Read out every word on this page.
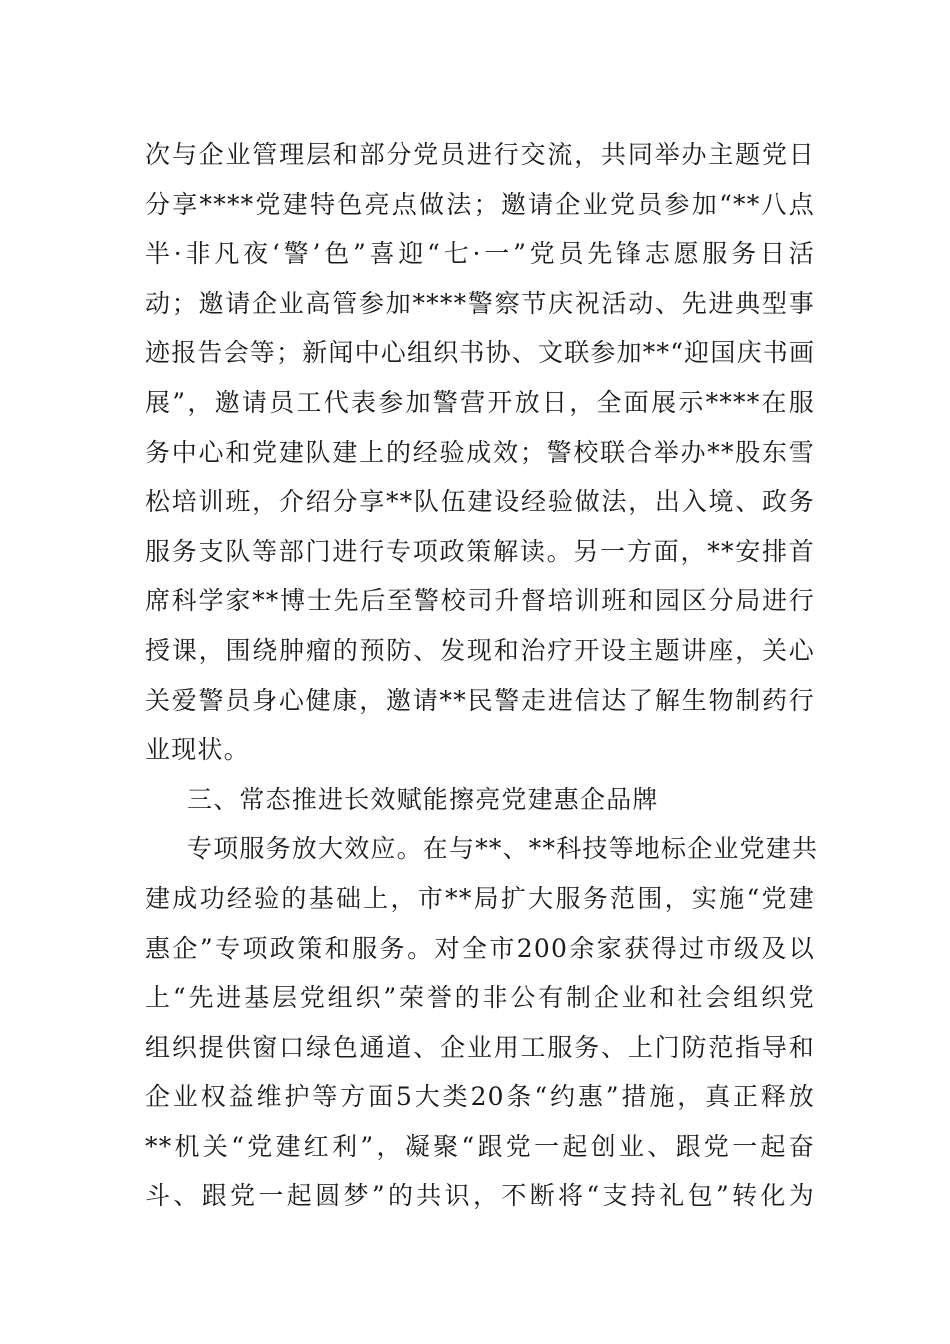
次与企业管理层和部分党员进行交流，共同举办主题党日
分享****党建特色亮点做法；邀请企业党员参加“**八点
半·非凡夜‘警’色”喜迎“七·一”党员先锋志愿服务日活
动；邀请企业高管参加****警察节庆祝活动、先进典型事
迹报告会等；新闻中心组织书协、文联参加**“迎国庆书画
展”，邀请员工代表参加警营开放日，全面展示****在服
务中心和党建队建上的经验成效；警校联合举办**股东雪
松培训班，介绍分享**队伍建设经验做法，出入境、政务
服务支队等部门进行专项政策解读。另一方面，**安排首
席科学家**博士先后至警校司升督培训班和园区分局进行
授课，围绕肿瘤的预防、发现和治疗开设主题讲座，关心
关爱警员身心健康，邀请**民警走进信达了解生物制药行
业现状。
三、常态推进长效赋能擦亮党建惠企品牌
专项服务放大效应。在与**、**科技等地标企业党建共
建成功经验的基础上，市**局扩大服务范围，实施“党建
惠企”专项政策和服务。对全市200余家获得过市级及以
上“先进基层党组织”荣誉的非公有制企业和社会组织党
组织提供窗口绿色通道、企业用工服务、上门防范指导和
企业权益维护等方面5大类20条“约惠”措施，真正释放
**机关“党建红利”，凝聚“跟党一起创业、跟党一起奋
斗、跟党一起圆梦”的共识，不断将“支持礼包”转化为
